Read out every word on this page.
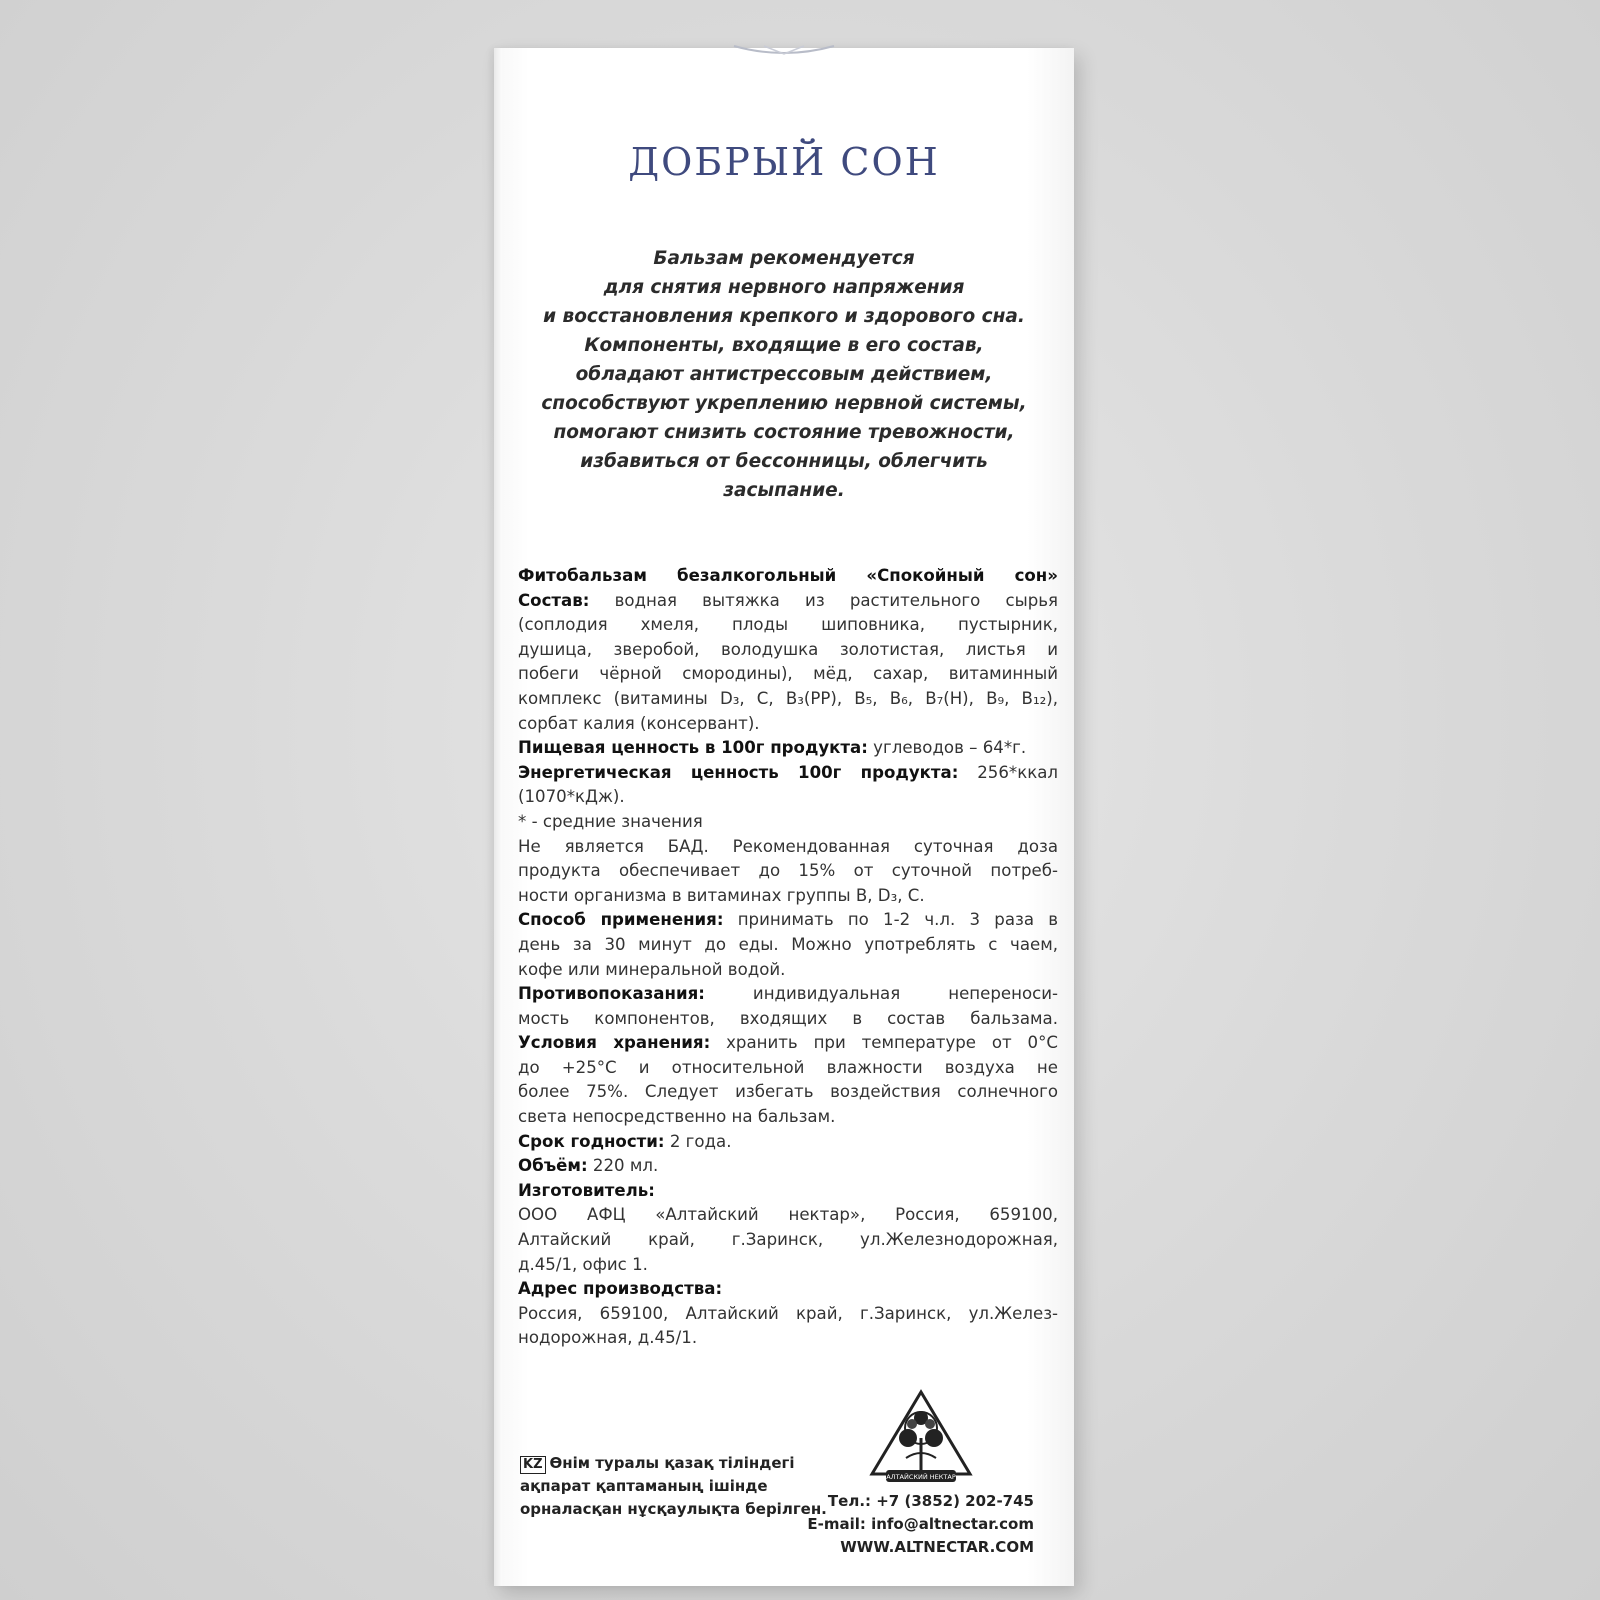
ДОБРЫЙ СОН
Бальзам рекомендуется
для снятия нервного напряжения
и восстановления крепкого и здорового сна.
Компоненты, входящие в его состав,
обладают антистрессовым действием,
способствуют укреплению нервной системы,
помогают снизить состояние тревожности,
избавиться от бессонницы, облегчить
засыпание.
Фитобальзам безалкогольный «Спокойный сон»
Состав: водная вытяжка из растительного сырья
(соплодия хмеля, плоды шиповника, пустырник,
душица, зверобой, володушка золотистая, листья и
побеги чёрной смородины), мёд, сахар, витаминный
комплекс (витамины D₃, C, B₃(PP), B₅, B₆, B₇(H), B₉, B₁₂),
сорбат калия (консервант).
Пищевая ценность в 100г продукта: углеводов – 64*г.
Энергетическая ценность 100г продукта: 256*ккал
(1070*кДж).
* - средние значения
Не является БАД. Рекомендованная суточная доза
продукта обеспечивает до 15% от суточной потреб-
ности организма в витаминах группы B, D₃, C.
Способ применения: принимать по 1-2 ч.л. 3 раза в
день за 30 минут до еды. Можно употреблять с чаем,
кофе или минеральной водой.
Противопоказания:	индивидуальная непереноси-
мость компонентов, входящих в состав бальзама.
Условия хранения: хранить при температуре от 0°C
до +25°C и относительной влажности воздуха не
более 75%. Следует избегать воздействия солнечного
света непосредственно на бальзам.
Срок годности: 2 года.
Объём: 220 мл.
Изготовитель:
ООО АФЦ «Алтайский нектар», Россия, 659100,
Алтайский край, г.Заринск, ул.Железнодорожная,
д.45/1, офис 1.
Адрес производства:
Россия, 659100, Алтайский край, г.Заринск, ул.Желез-
нодорожная, д.45/1.
АЛТАЙСКИЙ НЕКТАР
KZ Өнім туралы қазақ тіліндегі
ақпарат қаптаманың ішінде
орналасқан нұсқаулықта берілген. Тел.: +7 (3852) 202-745
E-mail: info@altnectar.com
WWW.ALTNECTAR.COM
